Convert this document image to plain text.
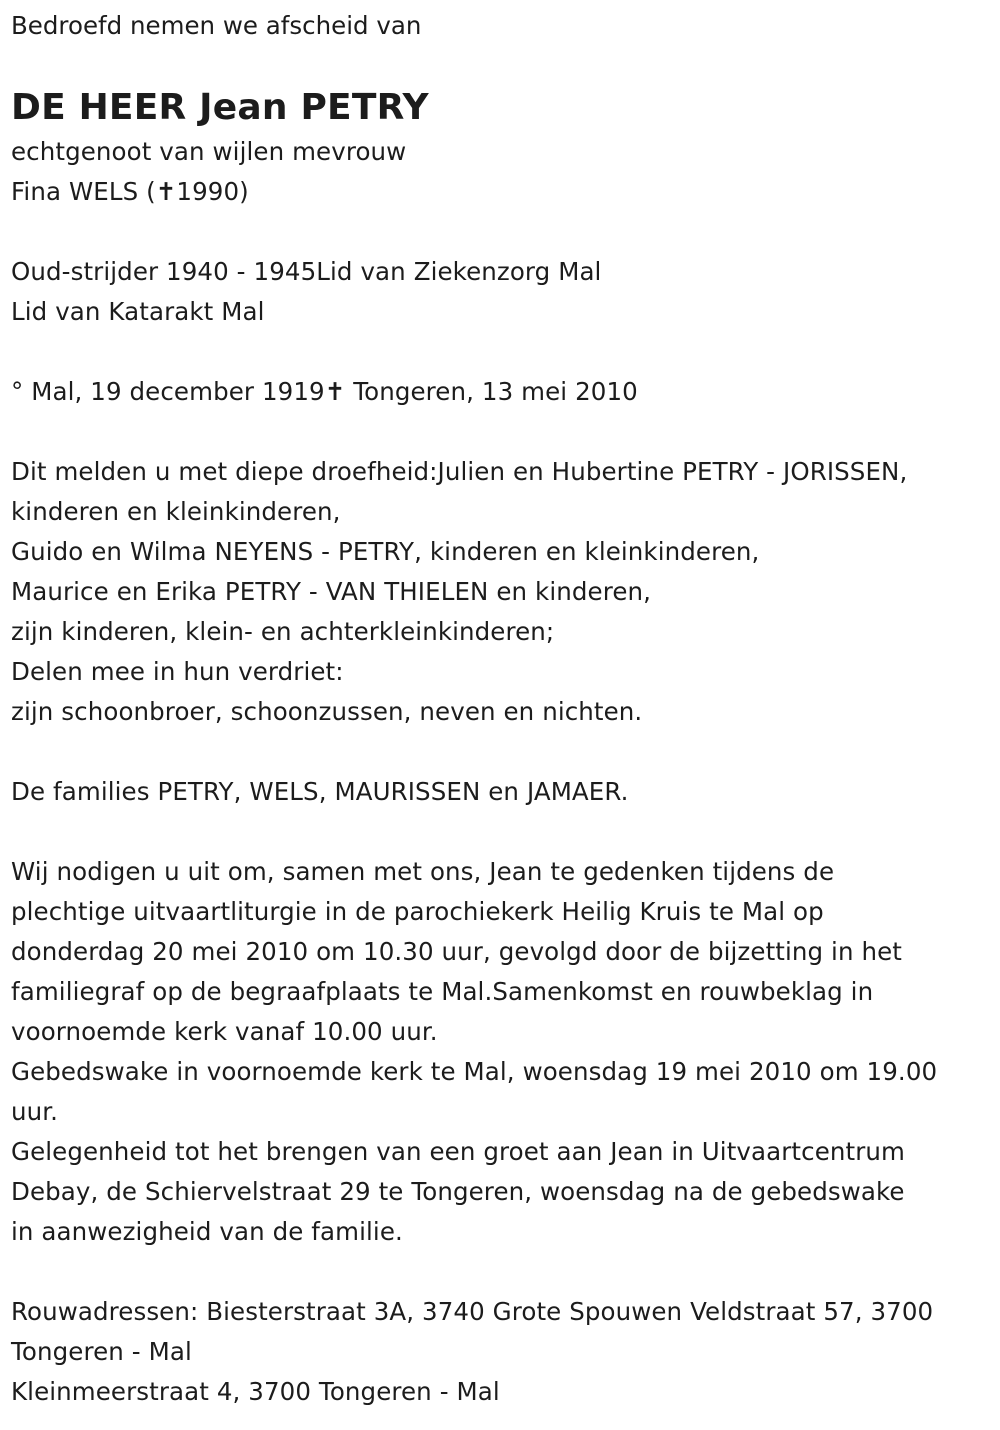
Bedroefd nemen we afscheid van
DE HEER Jean PETRY
echtgenoot van wijlen mevrouw
Fina WELS (✝1990)
Oud-strijder 1940 - 1945Lid van Ziekenzorg Mal
Lid van Katarakt Mal
° Mal, 19 december 1919✝ Tongeren, 13 mei 2010
Dit melden u met diepe droefheid:Julien en Hubertine PETRY - JORISSEN,
kinderen en kleinkinderen,
Guido en Wilma NEYENS - PETRY, kinderen en kleinkinderen,
Maurice en Erika PETRY - VAN THIELEN en kinderen,
zijn kinderen, klein- en achterkleinkinderen;
Delen mee in hun verdriet:
zijn schoonbroer, schoonzussen, neven en nichten.
De families PETRY, WELS, MAURISSEN en JAMAER.
Wij nodigen u uit om, samen met ons, Jean te gedenken tijdens de
plechtige uitvaartliturgie in de parochiekerk Heilig Kruis te Mal op
donderdag 20 mei 2010 om 10.30 uur, gevolgd door de bijzetting in het
familiegraf op de begraafplaats te Mal.Samenkomst en rouwbeklag in
voornoemde kerk vanaf 10.00 uur.
Gebedswake in voornoemde kerk te Mal, woensdag 19 mei 2010 om 19.00
uur.
Gelegenheid tot het brengen van een groet aan Jean in Uitvaartcentrum
Debay, de Schiervelstraat 29 te Tongeren, woensdag na de gebedswake
in aanwezigheid van de familie.
Rouwadressen: Biesterstraat 3A, 3740 Grote Spouwen Veldstraat 57, 3700
Tongeren - Mal
Kleinmeerstraat 4, 3700 Tongeren - Mal
